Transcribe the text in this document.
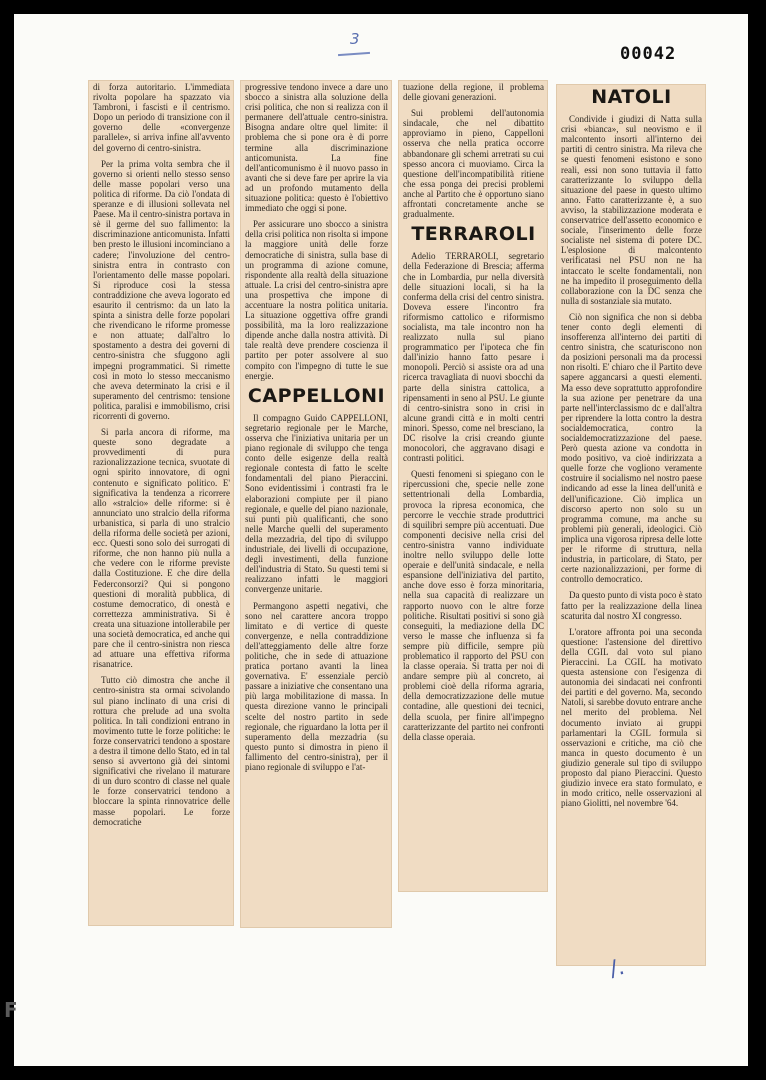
3
00042

di forza autoritario. L'immediata rivolta popolare ha spazzato via Tambroni, i fascisti e il centrismo. Dopo un periodo di transizione con il governo delle «convergenze parallele», si arriva infine all'avvento del governo di centro-sinistra.

Per la prima volta sembra che il governo si orienti nello stesso senso delle masse popolari verso una politica di riforme. Da ciò l'ondata di speranze e di illusioni sollevata nel Paese. Ma il centro-sinistra portava in sè il germe del suo fallimento: la discriminazione anticomunista. Infatti ben presto le illusioni incominciano a cadere; l'involuzione del centro-sinistra entra in contrasto con l'orientamento delle masse popolari. Si riproduce così la stessa contraddizione che aveva logorato ed esaurito il centrismo: da un lato la spinta a sinistra delle forze popolari che rivendicano le riforme promesse e non attuate; dall'altro lo spostamento a destra dei governi di centro-sinistra che sfuggono agli impegni programmatici. Si rimette così in moto lo stesso meccanismo che aveva determinato la crisi e il superamento del centrismo: tensione politica, paralisi e immobilismo, crisi ricorrenti di governo.

Si parla ancora di riforme, ma queste sono degradate a provvedimenti di pura razionalizzazione tecnica, svuotate di ogni spirito innovatore, di ogni contenuto e significato politico. E' significativa la tendenza a ricorrere allo «stralcio» delle riforme: si è annunciato uno stralcio della riforma urbanistica, si parla di uno stralcio della riforma delle società per azioni, ecc. Questi sono solo dei surrogati di riforme, che non hanno più nulla a che vedere con le riforme previste dalla Costituzione. E che dire della Federconsorzi? Qui si pongono questioni di moralità pubblica, di costume democratico, di onestà e correttezza amministrativa. Si è creata una situazione intollerabile per una società democratica, ed anche qui pare che il centro-sinistra non riesca ad attuare una effettiva riforma risanatrice.

Tutto ciò dimostra che anche il centro-sinistra sta ormai scivolando sul piano inclinato di una crisi di rottura che prelude ad una svolta politica. In tali condizioni entrano in movimento tutte le forze politiche: le forze conservatrici tendono a spostare a destra il timone dello Stato, ed in tal senso si avvertono già dei sintomi significativi che rivelano il maturare di un duro scontro di classe nel quale le forze conservatrici tendono a bloccare la spinta rinnovatrice delle masse popolari. Le forze democratiche

progressive tendono invece a dare uno sbocco a sinistra alla soluzione della crisi politica, che non si realizza con il permanere dell'attuale centro-sinistra. Bisogna andare oltre quel limite: il problema che si pone ora è di porre termine alla discriminazione anticomunista. La fine dell'anticomunismo è il nuovo passo in avanti che si deve fare per aprire la via ad un profondo mutamento della situazione politica: questo è l'obiettivo immediato che oggi si pone.

Per assicurare uno sbocco a sinistra della crisi politica non risolta si impone la maggiore unità delle forze democratiche di sinistra, sulla base di un programma di azione comune, rispondente alla realtà della situazione attuale. La crisi del centro-sinistra apre una prospettiva che impone di accentuare la nostra politica unitaria. La situazione oggettiva offre grandi possibilità, ma la loro realizzazione dipende anche dalla nostra attività. Di tale realtà deve prendere coscienza il partito per poter assolvere al suo compito con l'impegno di tutte le sue energie.

CAPPELLONI

Il compagno Guido CAPPELLONI, segretario regionale per le Marche, osserva che l'iniziativa unitaria per un piano regionale di sviluppo che tenga conto delle esigenze della realtà regionale contesta di fatto le scelte fondamentali del piano Pieraccini. Sono evidentissimi i contrasti fra le elaborazioni compiute per il piano regionale, e quelle del piano nazionale, sui punti più qualificanti, che sono nelle Marche quelli del superamento della mezzadria, del tipo di sviluppo industriale, dei livelli di occupazione, degli investimenti, della funzione dell'industria di Stato. Su questi temi si realizzano infatti le maggiori convergenze unitarie.

Permangono aspetti negativi, che sono nel carattere ancora troppo limitato e di vertice di queste convergenze, e nella contraddizione dell'atteggiamento delle altre forze politiche, che in sede di attuazione pratica portano avanti la linea governativa. E' essenziale perciò passare a iniziative che consentano una più larga mobilitazione di massa. In questa direzione vanno le principali scelte del nostro partito in sede regionale, che riguardano la lotta per il superamento della mezzadria (su questo punto si dimostra in pieno il fallimento del centro-sinistra), per il piano regionale di sviluppo e l'at-

tuazione della regione, il problema delle giovani generazioni.

Sui problemi dell'autonomia sindacale, che nel dibattito approviamo in pieno, Cappelloni osserva che nella pratica occorre abbandonare gli schemi arretrati su cui spesso ancora ci muoviamo. Circa la questione dell'incompatibilità ritiene che essa ponga dei precisi problemi anche al Partito che è opportuno siano affrontati concretamente anche se gradualmente.

TERRAROLI

Adelio TERRAROLI, segretario della Federazione di Brescia; afferma che in Lombardia, pur nella diversità delle situazioni locali, si ha la conferma della crisi del centro sinistra. Doveva essere l'incontro fra riformismo cattolico e riformismo socialista, ma tale incontro non ha realizzato nulla sul piano programmatico per l'ipoteca che fin dall'inizio hanno fatto pesare i monopoli. Perciò si assiste ora ad una ricerca travagliata di nuovi sbocchi da parte della sinistra cattolica, a ripensamenti in seno al PSU. Le giunte di centro-sinistra sono in crisi in alcune grandi città e in molti centri minori. Spesso, come nel bresciano, la DC risolve la crisi creando giunte monocolori, che aggravano disagi e contrasti politici.

Questi fenomeni si spiegano con le ripercussioni che, specie nelle zone settentrionali della Lombardia, provoca la ripresa economica, che percorre le vecchie strade produttrici di squilibri sempre più accentuati. Due componenti decisive nella crisi del centro-sinistra vanno individuate inoltre nello sviluppo delle lotte operaie e dell'unità sindacale, e nella espansione dell'iniziativa del partito, anche dove esso è forza minoritaria, nella sua capacità di realizzare un rapporto nuovo con le altre forze politiche. Risultati positivi si sono già conseguiti, la mediazione della DC verso le masse che influenza si fa sempre più difficile, sempre più problematico il rapporto del PSU con la classe operaia. Si tratta per noi di andare sempre più al concreto, ai problemi cioè della riforma agraria, della democratizzazione delle mutue contadine, alle questioni dei tecnici, della scuola, per finire all'impegno caratterizzante del partito nei confronti della classe operaia.

NATOLI

Condivide i giudizi di Natta sulla crisi «bianca», sul neovismo e il malcontento insorti all'interno dei partiti di centro sinistra. Ma rileva che se questi fenomeni esistono e sono reali, essi non sono tuttavia il fatto caratterizzante lo sviluppo della situazione del paese in questo ultimo anno. Fatto caratterizzante è, a suo avviso, la stabilizzazione moderata e conservatrice dell'assetto economico e sociale, l'inserimento delle forze socialiste nel sistema di potere DC. L'esplosione di malcontento verificatasi nel PSU non ne ha intaccato le scelte fondamentali, non ne ha impedito il proseguimento della collaborazione con la DC senza che nulla di sostanziale sia mutato.

Ciò non significa che non si debba tener conto degli elementi di insofferenza all'interno dei partiti di centro sinistra, che scaturiscono non da posizioni personali ma da processi non risolti. E' chiaro che il Partito deve sapere aggancarsi a questi elementi. Ma esso deve soprattutto approfondire la sua azione per penetrare da una parte nell'interclassismo dc e dall'altra per riprendere la lotta contro la destra socialdemocratica, contro la socialdemocratizzazione del paese. Però questa azione va condotta in modo positivo, va cioè indirizzata a quelle forze che vogliono veramente costruire il socialismo nel nostro paese indicando ad esse la linea dell'unità e dell'unificazione. Ciò implica un discorso aperto non solo su un programma comune, ma anche su problemi più generali, ideologici. Ciò implica una vigorosa ripresa delle lotte per le riforme di struttura, nella industria, in particolare, di Stato, per certe nazionalizzazioni, per forme di controllo democratico.

Da questo punto di vista poco è stato fatto per la realizzazione della linea scaturita dal nostro XI congresso.

L'oratore affronta poi una seconda questione: l'astensione del direttivo della CGIL dal voto sul piano Pieraccini. La CGIL ha motivato questa astensione con l'esigenza di autonomia dei sindacati nei confronti dei partiti e del governo. Ma, secondo Natoli, si sarebbe dovuto entrare anche nel merito del problema. Nel documento inviato ai gruppi parlamentari la CGIL formula sì osservazioni e critiche, ma ciò che manca in questo documento è un giudizio generale sul tipo di sviluppo proposto dal piano Pieraccini. Questo giudizio invece era stato formulato, e in modo critico, nelle osservazioni al piano Giolitti, nel novembre '64.

/.
F
